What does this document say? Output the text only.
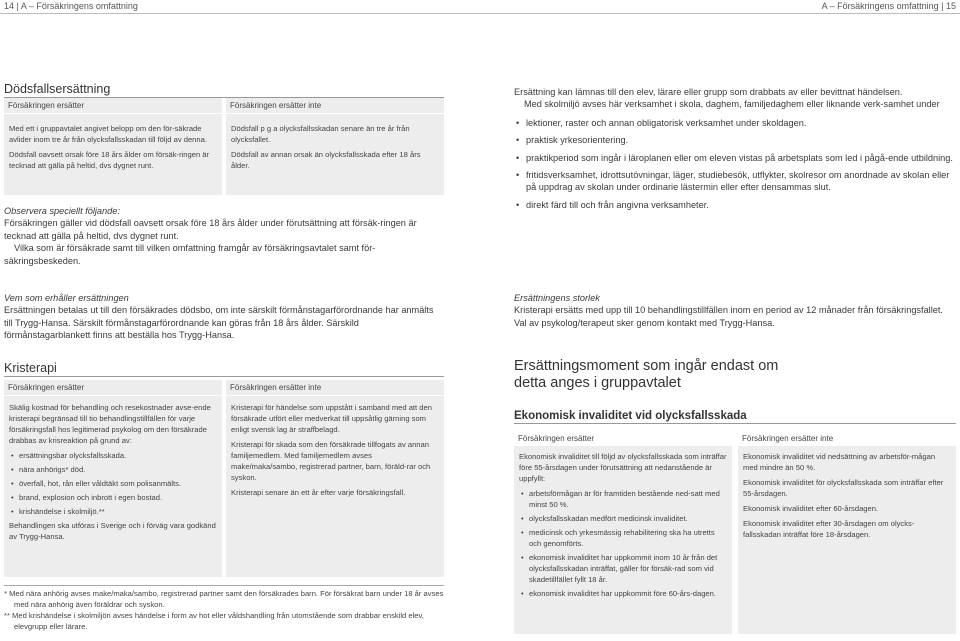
14 | A – Försäkringens omfattning	A – Försäkringens omfattning | 15
Dödsfallsersättning
Försäkringen ersätter

Med ett i gruppavtalet angivet belopp om den för-säkrade avlider inom tre år från olycksfallsskadan till följd av denna.

Dödsfall oavsett orsak före 18 års ålder om försäk-ringen är tecknad att gälla på heltid, dvs dygnet runt.

Försäkringen ersätter inte

Dödsfall p g a olycksfallsskadan senare än tre år från olycksfallet.

Dödsfall av annan orsak än olycksfallsskada efter 18 års ålder.

Observera speciellt följande:
Försäkringen gäller vid dödsfall oavsett orsak före 18 års ålder under förutsättning att försäk-ringen är tecknad att gälla på heltid, dvs dygnet runt.
Vilka som är försäkrade samt till vilken omfattning framgår av försäkringsavtalet samt för-säkringsbeskeden.
Vem som erhåller ersättningen
Ersättningen betalas ut till den försäkrades dödsbo, om inte särskilt förmånstagarförordnande har anmälts till Trygg-Hansa. Särskilt förmånstagarförordnande kan göras från 18 års ålder. Särskild förmånstagarblankett finns att beställa hos Trygg-Hansa.
Kristerapi
Försäkringen ersätter

Skälig kostnad för behandling och resekostnader avse-ende kristerapi begränsad till tio behandlingstillfällen för varje försäkringsfall hos legitimerad psykolog om den försäkrade drabbas av krisreaktion på grund av:

• ersättningsbar olycksfallsskada.
• nära anhörigs* död.
• överfall, hot, rån eller våldtäkt som polisanmälts.
• brand, explosion och inbrott i egen bostad.
• krishändelse i skolmiljö.**

Behandlingen ska utföras i Sverige och i förväg vara godkänd av Trygg-Hansa.

Försäkringen ersätter inte

Kristerapi för händelse som uppstått i samband med att den försäkrade utfört eller medverkat till uppsåtlig gärning som enligt svensk lag är straffbelagd.

Kristerapi för skada som den försäkrade tillfogats av annan familjemedlem. Med familjemedlem avses make/maka/sambo, registrerad partner, barn, föräld-rar och syskon.

Kristerapi senare än ett år efter varje försäkringsfall.

* Med nära anhörig avses make/maka/sambo, registrerad partner samt den försäkrades barn. För försäkrat barn under 18 år avses med nära anhörig även föräldrar och syskon.

** Med krishändelse i skolmiljön avses händelse i form av hot eller våldshandling från utomstående som drabbar enskild elev, elevgrupp eller lärare.

Ersättning kan lämnas till den elev, lärare eller grupp som drabbats av eller bevittnat händelsen.
Med skolmiljö avses här verksamhet i skola, daghem, familjedaghem eller liknande verk-samhet under
• lektioner, raster och annan obligatorisk verksamhet under skoldagen.
• praktisk yrkesorientering.
• praktikperiod som ingår i läroplanen eller om eleven vistas på arbetsplats som led i pågå-ende utbildning.
• fritidsverksamhet, idrottsutövningar, läger, studiebesök, utflykter, skolresor om anordnade av skolan eller på uppdrag av skolan under ordinarie lästermin eller efter densammas slut.
• direkt färd till och från angivna verksamheter.
Ersättningens storlek
Kristerapi ersätts med upp till 10 behandlingstillfällen inom en period av 12 månader från försäkringsfallet. Val av psykolog/terapeut sker genom kontakt med Trygg-Hansa.
Ersättningsmoment som ingår endast om
detta anges i gruppavtalet
Ekonomisk invaliditet vid olycksfallsskada
Försäkringen ersätter	Försäkringen ersätter inte

Ekonomisk invaliditet till följd av olycksfallsskada som inträffar före 55-årsdagen under förutsättning att nedanstående är uppfyllt:

• arbetsförmågan är för framtiden bestående ned-satt med minst 50 %.
• olycksfallsskadan medfört medicinsk invaliditet.
• medicinsk och yrkesmässig rehabilitering ska ha utretts och genomförts.
• ekonomisk invaliditet har uppkommit inom 10 år från det olycksfallsskadan inträffat, gäller för försäk-rad som vid skadetillfället fyllt 18 år.
• ekonomisk invaliditet har uppkommit före 60-års-dagen.

Ekonomisk invaliditet vid nedsättning av arbetsför-mågan med mindre än 50 %.

Ekonomisk invaliditet för olycksfallsskada som inträffar efter 55-årsdagen.

Ekonomisk invaliditet efter 60-årsdagen.

Ekonomisk invaliditet efter 30-årsdagen om olycks-fallsskadan inträffat före 18-årsdagen.
